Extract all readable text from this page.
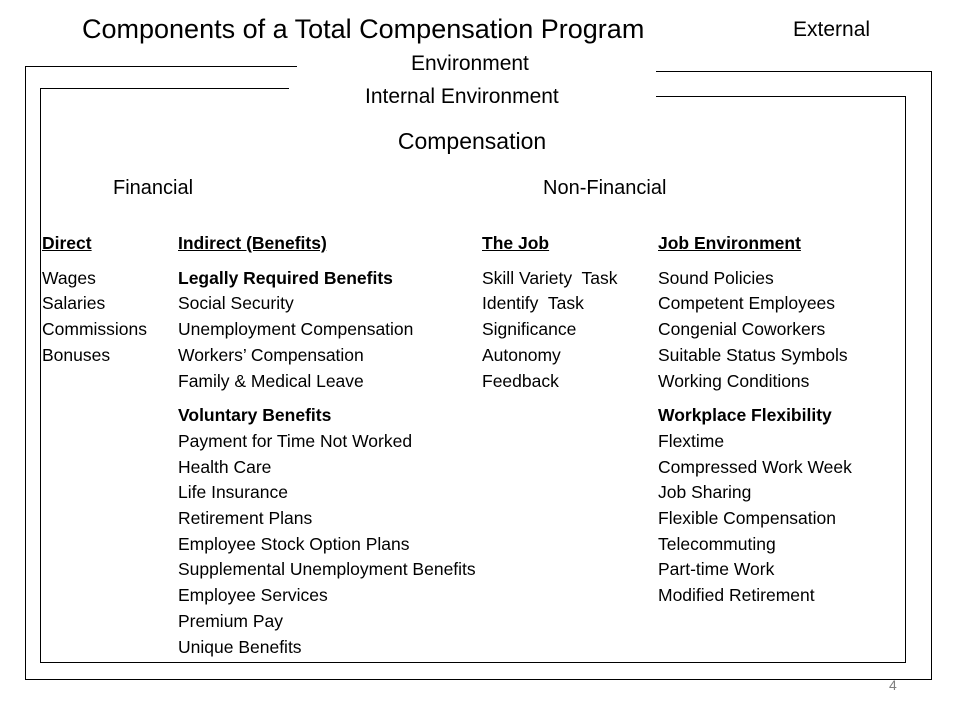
Components of a Total Compensation Program	External
Environment
Internal Environment
Compensation
Financial	Non-Financial
Direct
Wages
Salaries
Commissions
Bonuses
Indirect (Benefits)
Legally Required Benefits
Social Security
Unemployment Compensation
Workers’ Compensation
Family & Medical Leave
Voluntary Benefits
Payment for Time Not Worked
Health Care
Life Insurance
Retirement Plans
Employee Stock Option Plans
Supplemental Unemployment Benefits
Employee Services
Premium Pay
Unique Benefits
The Job
Skill Variety  Task
Identify  Task
Significance
Autonomy
Feedback
Job Environment
Sound Policies
Competent Employees
Congenial Coworkers
Suitable Status Symbols
Working Conditions
Workplace Flexibility
Flextime
Compressed Work Week
Job Sharing
Flexible Compensation
Telecommuting
Part-time Work
Modified Retirement
4
